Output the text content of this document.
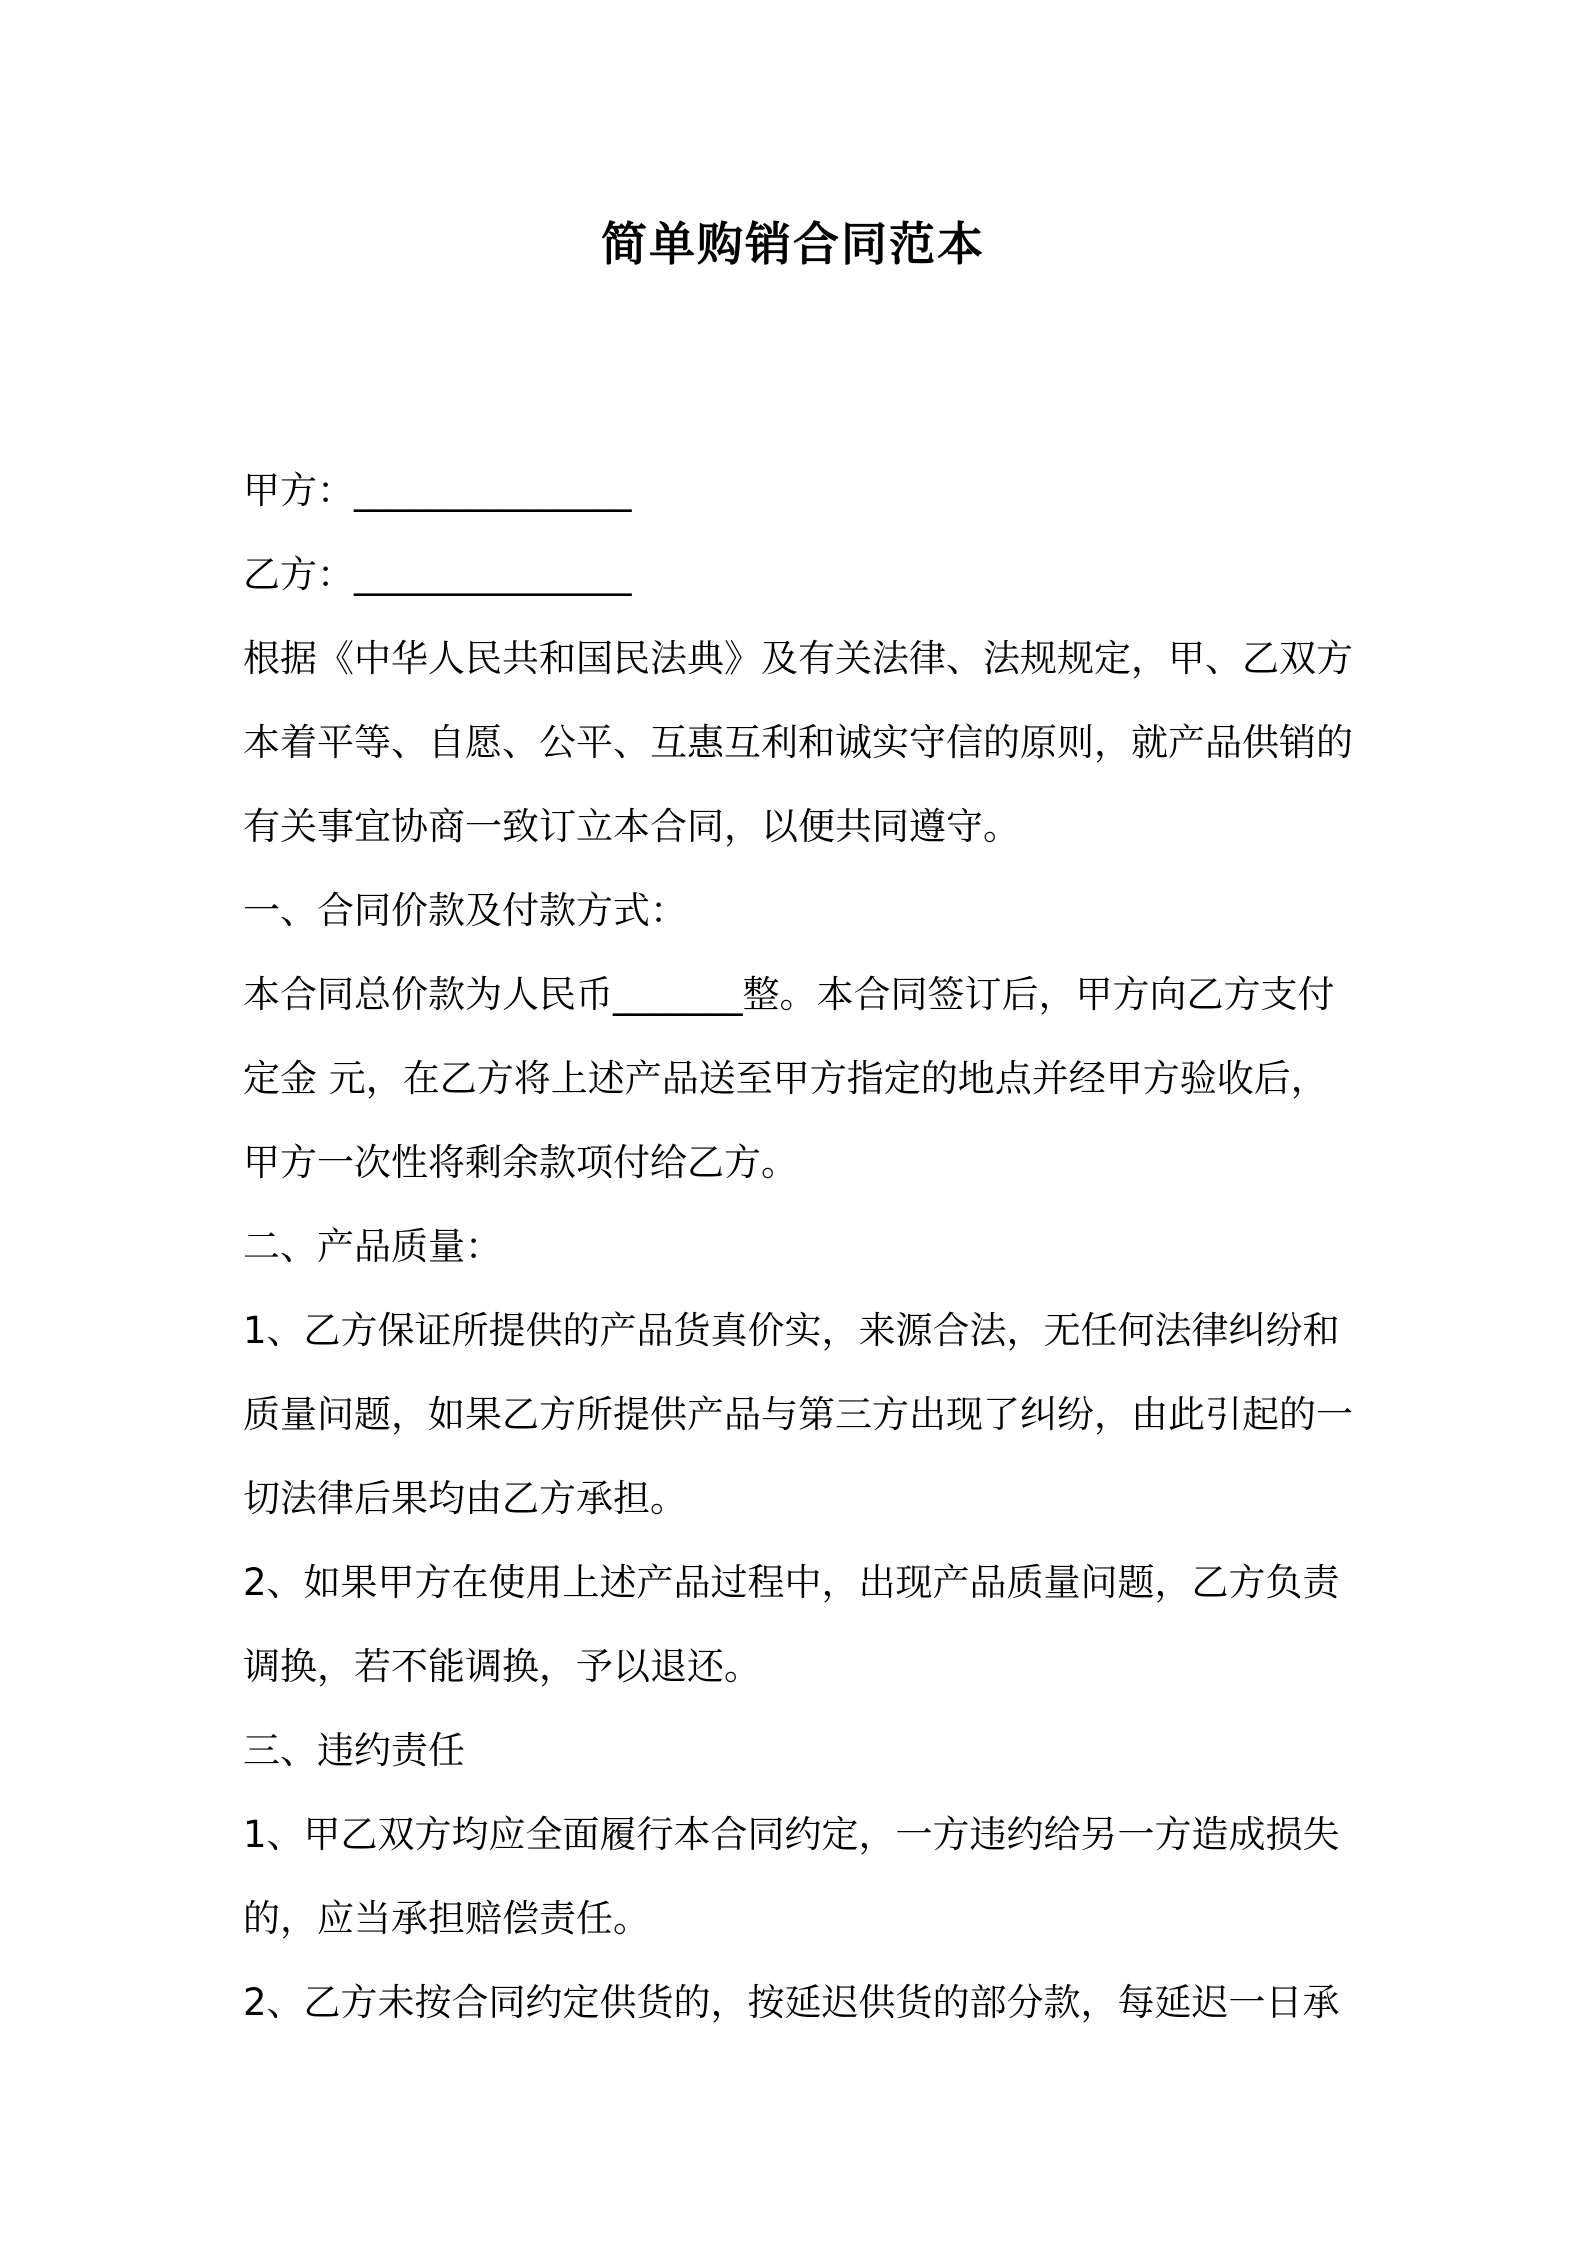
简单购销合同范本
甲方：_______________
乙方：_______________
根据《中华人民共和国民法典》及有关法律、法规规定，甲、乙双方
本着平等、自愿、公平、互惠互利和诚实守信的原则，就产品供销的
有关事宜协商一致订立本合同，以便共同遵守。
一、合同价款及付款方式：
本合同总价款为人民币_______整。本合同签订后，甲方向乙方支付
定金 元，在乙方将上述产品送至甲方指定的地点并经甲方验收后，
甲方一次性将剩余款项付给乙方。
二、产品质量：
1、乙方保证所提供的产品货真价实，来源合法，无任何法律纠纷和
质量问题，如果乙方所提供产品与第三方出现了纠纷，由此引起的一
切法律后果均由乙方承担。
2、如果甲方在使用上述产品过程中，出现产品质量问题，乙方负责
调换，若不能调换，予以退还。
三、违约责任
1、甲乙双方均应全面履行本合同约定，一方违约给另一方造成损失
的，应当承担赔偿责任。
2、乙方未按合同约定供货的，按延迟供货的部分款，每延迟一日承
